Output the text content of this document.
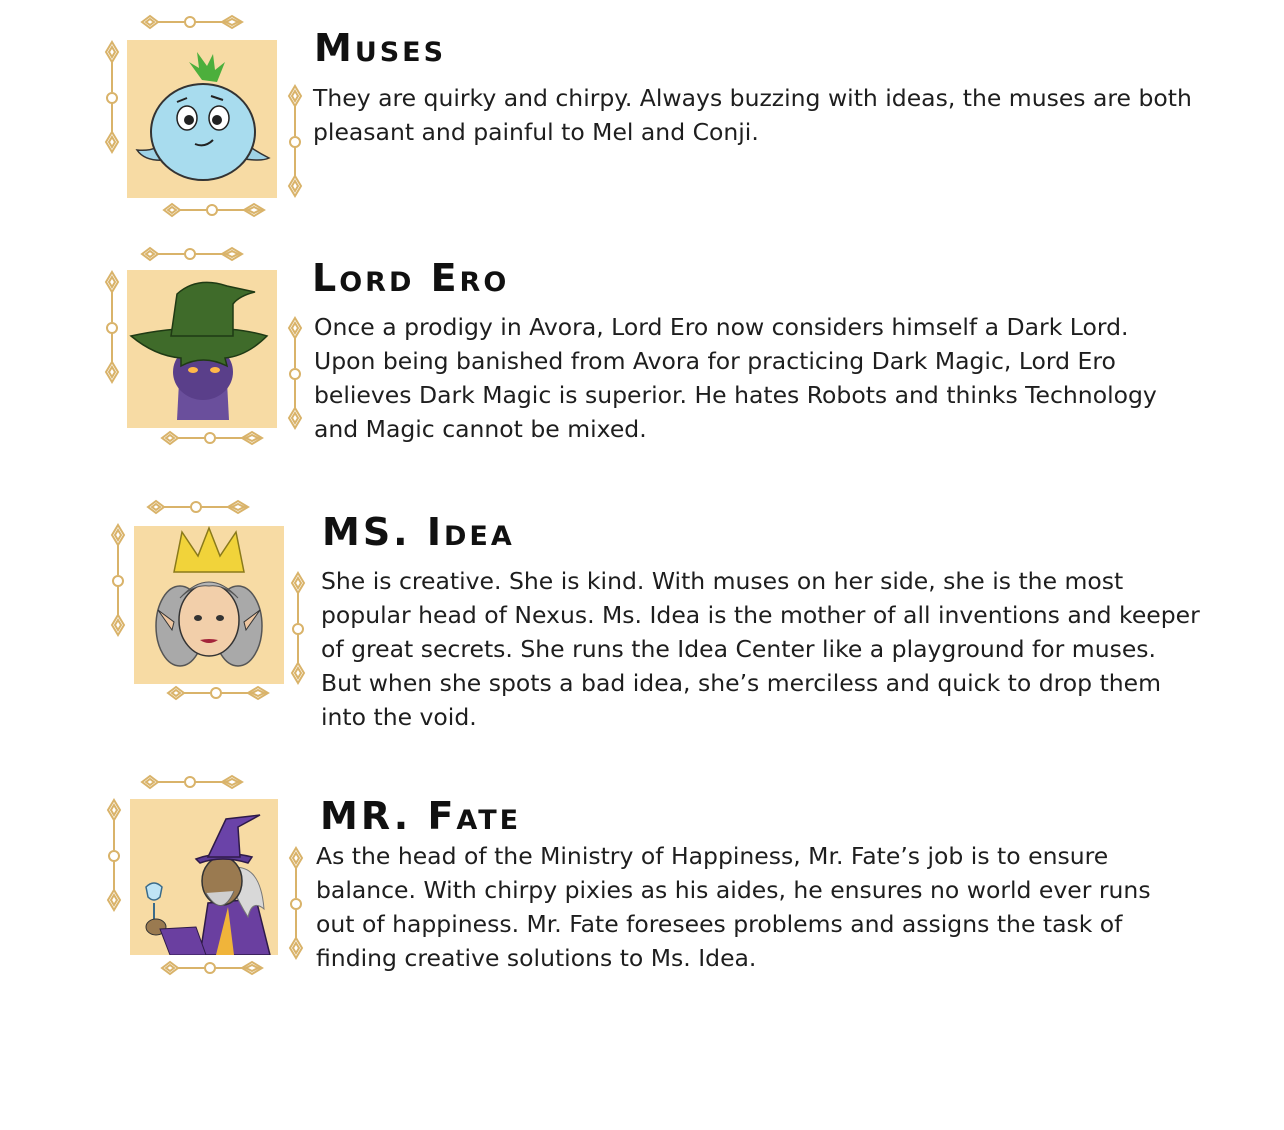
Muses

They are quirky and chirpy. Always buzzing with ideas, the muses are both pleasant and painful to Mel and Conji.

Lord Ero

Once a prodigy in Avora, Lord Ero now considers himself a Dark Lord. Upon being banished from Avora for practicing Dark Magic, Lord Ero believes Dark Magic is superior. He hates Robots and thinks Technology and Magic cannot be mixed.

MS. Idea

She is creative. She is kind. With muses on her side, she is the most popular head of Nexus. Ms. Idea is the mother of all inventions and keeper of great secrets. She runs the Idea Center like a playground for muses. But when she spots a bad idea, she’s merciless and quick to drop them into the void.

MR. Fate

As the head of the Ministry of Happiness, Mr. Fate’s job is to ensure balance. With chirpy pixies as his aides, he ensures no world ever runs out of happiness. Mr. Fate foresees problems and assigns the task of finding creative solutions to Ms. Idea.
